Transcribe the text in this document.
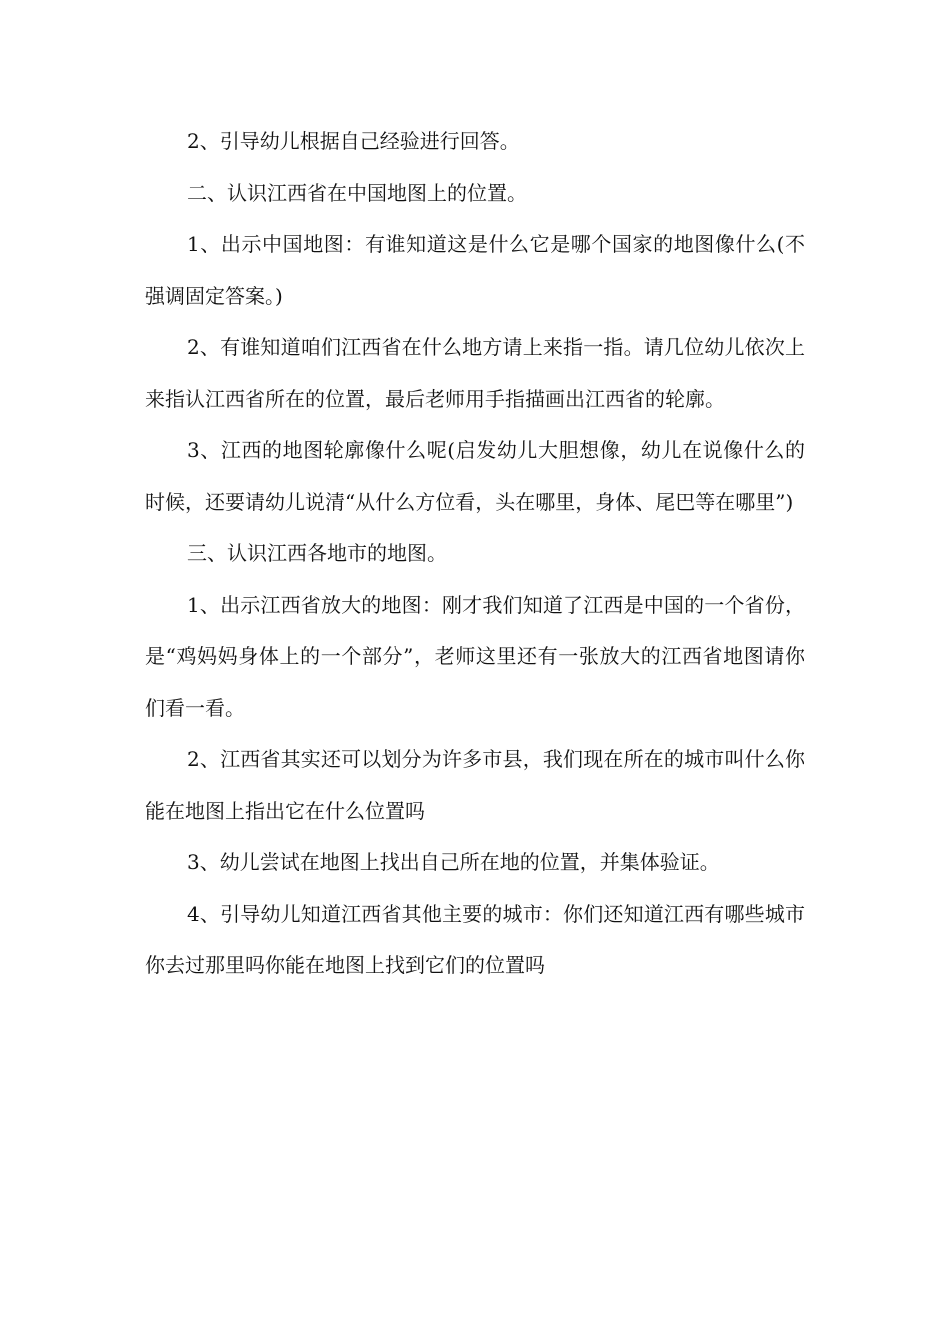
2、引导幼儿根据自己经验进行回答。

二、认识江西省在中国地图上的位置。

1、出示中国地图：有谁知道这是什么它是哪个国家的地图像什么(不强调固定答案。)

2、有谁知道咱们江西省在什么地方请上来指一指。请几位幼儿依次上来指认江西省所在的位置，最后老师用手指描画出江西省的轮廓。

3、江西的地图轮廓像什么呢(启发幼儿大胆想像，幼儿在说像什么的时候，还要请幼儿说清“从什么方位看，头在哪里，身体、尾巴等在哪里”)

三、认识江西各地市的地图。

1、出示江西省放大的地图：刚才我们知道了江西是中国的一个省份，是“鸡妈妈身体上的一个部分”，老师这里还有一张放大的江西省地图请你们看一看。

2、江西省其实还可以划分为许多市县，我们现在所在的城市叫什么你能在地图上指出它在什么位置吗

3、幼儿尝试在地图上找出自己所在地的位置，并集体验证。

4、引导幼儿知道江西省其他主要的城市：你们还知道江西有哪些城市你去过那里吗你能在地图上找到它们的位置吗
